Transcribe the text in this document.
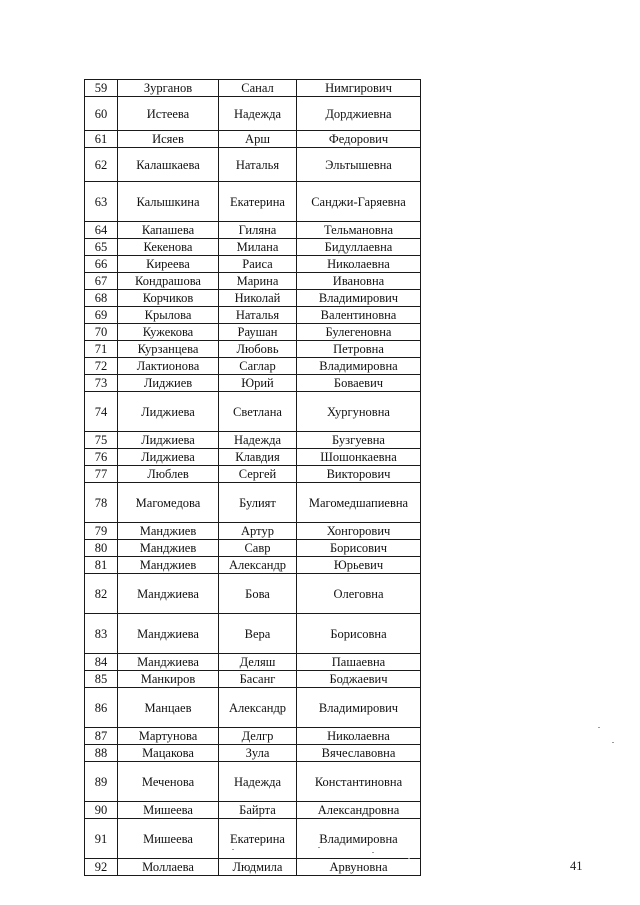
59	Зурганов	Санал	Нимгирович
60	Истеева	Надежда	Дорджиевна
61	Исяев	Арш	Федорович
62	Калашкаева	Наталья	Эльтышевна
63	Калышкина	Екатерина	Санджи-Гаряевна
64	Капашева	Гиляна	Тельмановна
65	Кекенова	Милана	Бидуллаевна
66	Киреева	Раиса	Николаевна
67	Кондрашова	Марина	Ивановна
68	Корчиков	Николай	Владимирович
69	Крылова	Наталья	Валентиновна
70	Кужекова	Раушан	Булегеновна
71	Курзанцева	Любовь	Петровна
72	Лактионова	Саглар	Владимировна
73	Лиджиев	Юрий	Боваевич
74	Лиджиева	Светлана	Хургуновна
75	Лиджиева	Надежда	Бузгуевна
76	Лиджиева	Клавдия	Шошонкаевна
77	Люблев	Сергей	Викторович
78	Магомедова	Булият	Магомедшапиевна
79	Манджиев	Артур	Хонгорович
80	Манджиев	Савр	Борисович
81	Манджиев	Александр	Юрьевич
82	Манджиева	Бова	Олеговна
83	Манджиева	Вера	Борисовна
84	Манджиева	Деляш	Пашаевна
85	Манкиров	Басанг	Боджаевич
86	Манцаев	Александр	Владимирович
87	Мартунова	Делгр	Николаевна
88	Мацакова	Зула	Вячеславовна
89	Меченова	Надежда	Константиновна
90	Мишеева	Байрта	Александровна
91	Мишеева	Екатерина	Владимировна
92	Моллаева	Людмила	Арвуновна	41
